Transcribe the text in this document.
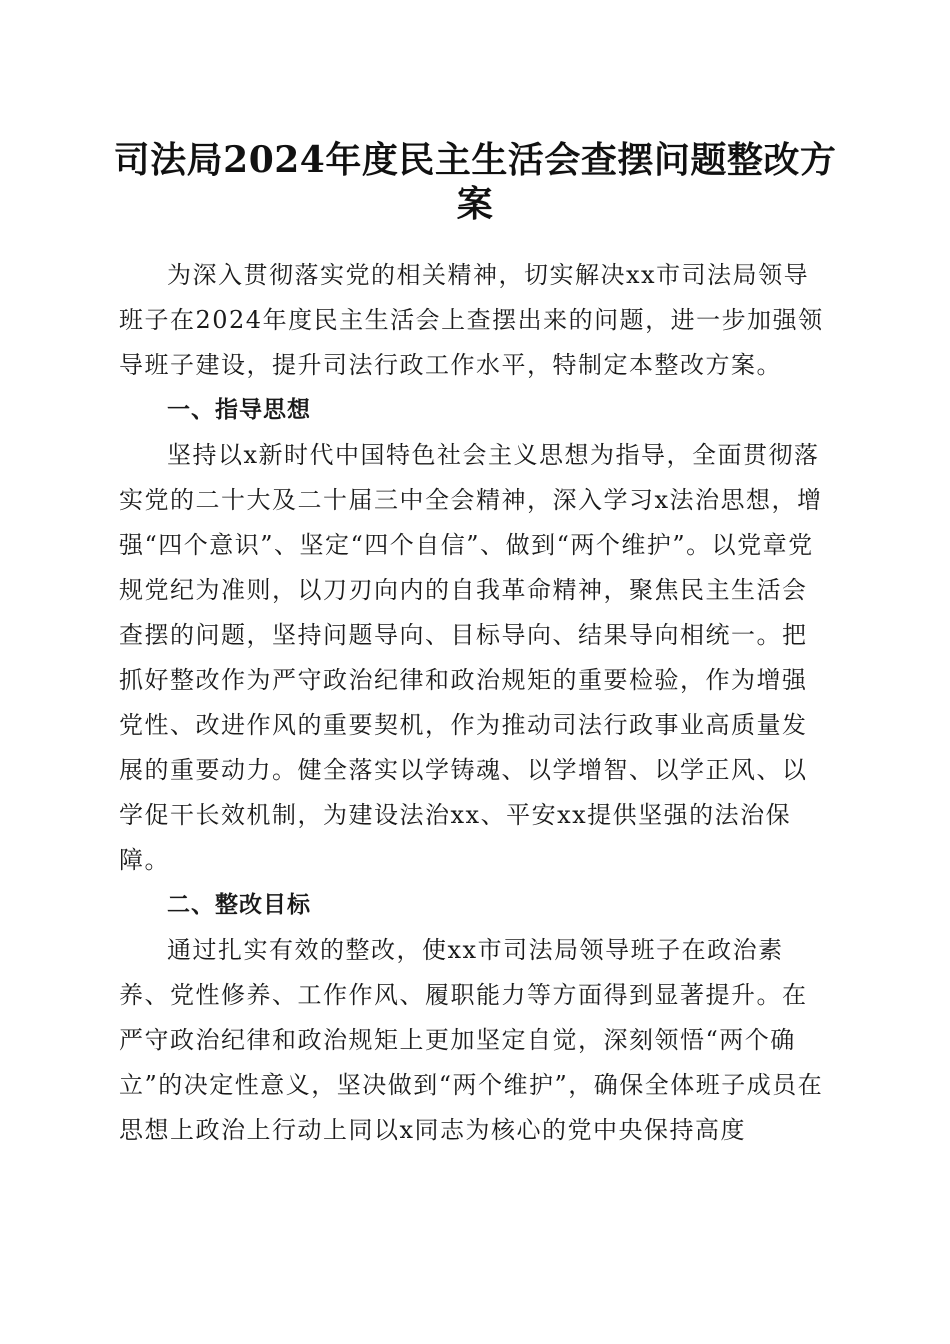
司法局2024年度民主生活会查摆问题整改方案

为深入贯彻落实党的相关精神，切实解决xx市司法局领导班子在2024年度民主生活会上查摆出来的问题，进一步加强领导班子建设，提升司法行政工作水平，特制定本整改方案。

一、指导思想

坚持以x新时代中国特色社会主义思想为指导，全面贯彻落实党的二十大及二十届三中全会精神，深入学习x法治思想，增强“四个意识”、坚定“四个自信”、做到“两个维护”。以党章党规党纪为准则，以刀刃向内的自我革命精神，聚焦民主生活会查摆的问题，坚持问题导向、目标导向、结果导向相统一。把抓好整改作为严守政治纪律和政治规矩的重要检验，作为增强党性、改进作风的重要契机，作为推动司法行政事业高质量发展的重要动力。健全落实以学铸魂、以学增智、以学正风、以学促干长效机制，为建设法治xx、平安xx提供坚强的法治保障。

二、整改目标

通过扎实有效的整改，使xx市司法局领导班子在政治素养、党性修养、工作作风、履职能力等方面得到显著提升。在严守政治纪律和政治规矩上更加坚定自觉，深刻领悟“两个确立”的决定性意义，坚决做到“两个维护”，确保全体班子成员在思想上政治上行动上同以x同志为核心的党中央保持高度
